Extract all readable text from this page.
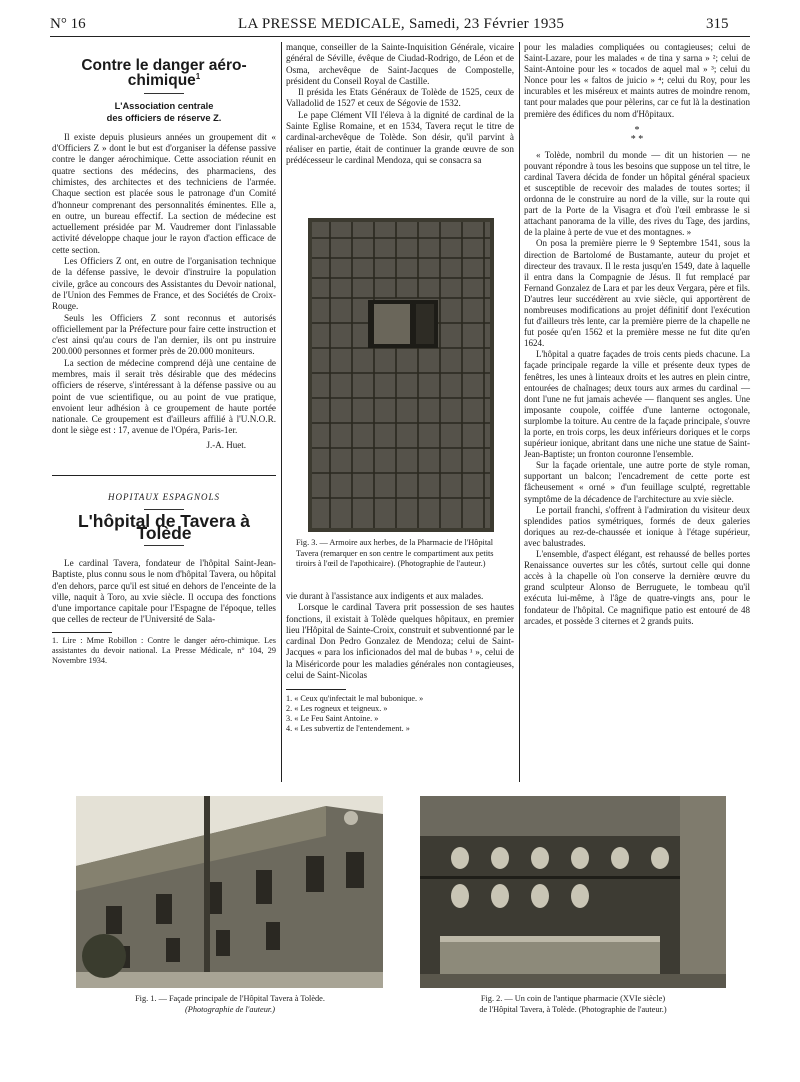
N° 16	LA PRESSE MEDICALE, Samedi, 23 Février 1935	315
Contre le danger aéro-chimique$^1$
L'Association centrale
des officiers de réserve Z.

Il existe depuis plusieurs années un groupement dit « d'Officiers Z » dont le but est d'organiser la défense passive contre le danger aérochimique. Cette association réunit en quatre sections des médecins, des pharmaciens, des chimistes, des architectes et des techniciens de l'armée. Chaque section est placée sous le patronage d'un Comité d'honneur comprenant des personnalités éminentes. Elle a, en outre, un bureau effectif. La section de médecine est actuellement présidée par M. Vaudremer dont l'inlassable activité développe chaque jour le rayon d'action efficace de cette section.

Les Officiers Z ont, en outre de l'organisation technique de la défense passive, le devoir d'instruire la population civile, grâce au concours des Assistantes du Devoir national, de l'Union des Femmes de France, et des Sociétés de Croix-Rouge.

Seuls les Officiers Z sont reconnus et autorisés officiellement par la Préfecture pour faire cette instruction et c'est ainsi qu'au cours de l'an dernier, ils ont pu instruire 200.000 personnes et former près de 20.000 moniteurs.

La section de médecine comprend déjà une centaine de membres, mais il serait très désirable que des médecins officiers de réserve, s'intéressant à la défense passive ou au point de vue scientifique, ou au point de vue pratique, envoient leur adhésion à ce groupement de haute portée nationale. Ce groupement est d'ailleurs affilié à l'U.N.O.R. dont le siège est : 17, avenue de l'Opéra, Paris-1er.

J.-A. Huet.
HOPITAUX ESPAGNOLS
L'hôpital de Tavera à Tolède

Le cardinal Tavera, fondateur de l'hôpital Saint-Jean-Baptiste, plus connu sous le nom d'hôpital Tavera, ou hôpital d'en dehors, parce qu'il est situé en dehors de l'enceinte de la ville, naquit à Toro, au xvie siècle. Il occupa des fonctions d'une importance capitale pour l'Espagne de l'époque, telles que celles de recteur de l'Université de Sala-

1. Lire : Mme Robillon : Contre le danger aéro-chimique. Les assistantes du devoir national. La Presse Médicale, n° 104, 29 Novembre 1934.

manque, conseiller de la Sainte-Inquisition Générale, vicaire général de Séville, évêque de Ciudad-Rodrigo, de Léon et de Osma, archevêque de Saint-Jacques de Compostelle, président du Conseil Royal de Castille.

Il présida les Etats Généraux de Tolède de 1525, ceux de Valladolid de 1527 et ceux de Ségovie de 1532.

Le pape Clément VII l'éleva à la dignité de cardinal de la Sainte Eglise Romaine, et en 1534, Tavera reçut le titre de cardinal-archevêque de Tolède. Son désir, qu'il parvint à réaliser en partie, était de continuer la grande œuvre de son prédécesseur le cardinal Mendoza, qui se consacra sa

Fig. 3. — Armoire aux herbes, de la Pharmacie de l'Hôpital Tavera (remarquer en son centre le compartiment aux petits tiroirs à l'œil de l'apothicaire). (Photographie de l'auteur.)

vie durant à l'assistance aux indigents et aux malades.

Lorsque le cardinal Tavera prit possession de ses hautes fonctions, il existait à Tolède quelques hôpitaux, en premier lieu l'Hôpital de Sainte-Croix, construit et subventionné par le cardinal Don Pedro Gonzalez de Mendoza; celui de Saint-Jacques « para los inficionados del mal de bubas ¹ », celui de la Miséricorde pour les maladies générales non contagieuses, celui de Saint-Nicolas

1. « Ceux qu'infectait le mal bubonique. »
2. « Les rogneux et teigneux. »
3. « Le Feu Saint Antoine. »
4. « Les subvertiz de l'entendement. »

pour les maladies compliquées ou contagieuses; celui de Saint-Lazare, pour les malades « de tina y sarna » ²; celui de Saint-Antoine pour les « tocados de aquel mal » ³; celui du Nonce pour les « faltos de juicio » ⁴; celui du Roy, pour les incurables et les miséreux et maints autres de moindre renom, tant pour malades que pour pèlerins, car ce fut là la destination première des édifices du nom d'Hôpitaux.

*
* *

« Tolède, nombril du monde — dit un historien — ne pouvant répondre à tous les besoins que suppose un tel titre, le cardinal Tavera décida de fonder un hôpital général spacieux et susceptible de recevoir des malades de toutes sortes; il ordonna de le construire au nord de la ville, sur la route qui part de la Porte de la Visagra et d'où l'œil embrasse le si attachant panorama de la ville, des rives du Tage, des jardins, de la plaine à perte de vue et des montagnes. »

On posa la première pierre le 9 Septembre 1541, sous la direction de Bartolomé de Bustamante, auteur du projet et directeur des travaux. Il le resta jusqu'en 1549, date à laquelle il entra dans la Compagnie de Jésus. Il fut remplacé par Fernand Gonzalez de Lara et par les deux Vergara, père et fils. D'autres leur succédèrent au xvie siècle, qui apportèrent de nombreuses modifications au projet définitif dont l'exécution fut d'ailleurs très lente, car la première pierre de la chapelle ne fut posée qu'en 1562 et la première messe ne fut dite qu'en 1624.

L'hôpital a quatre façades de trois cents pieds chacune. La façade principale regarde la ville et présente deux types de fenêtres, les unes à linteaux droits et les autres en plein cintre, entourées de chaînages; deux tours aux armes du cardinal — dont l'une ne fut jamais achevée — flanquent ses angles. Une imposante coupole, coiffée d'une lanterne octogonale, surplombe la toiture. Au centre de la façade principale, s'ouvre la porte, en trois corps, les deux inférieurs doriques et le corps supérieur ionique, abritant dans une niche une statue de Saint-Jean-Baptiste; un fronton couronne l'ensemble.

Sur la façade orientale, une autre porte de style roman, supportant un balcon; l'encadrement de cette porte est fâcheusement « orné » d'un feuillage sculpté, regrettable symptôme de la décadence de l'architecture au xvie siècle.

Le portail franchi, s'offrent à l'admiration du visiteur deux splendides patios symétriques, formés de deux galeries doriques au rez-de-chaussée et ionique à l'étage supérieur, avec balustrades.

L'ensemble, d'aspect élégant, est rehaussé de belles portes Renaissance ouvertes sur les côtés, surtout celle qui donne accès à la chapelle où l'on conserve la dernière œuvre du grand sculpteur Alonso de Berruguete, le tombeau qu'il exécuta lui-même, à l'âge de quatre-vingts ans, pour le fondateur de l'hôpital. Ce magnifique patio est entouré de 48 arcades, et possède 3 citernes et 2 grands puits.

Fig. 1. — Façade principale de l'Hôpital Tavera à Tolède.
(Photographie de l'auteur.)
Fig. 2. — Un coin de l'antique pharmacie (XVIe siècle)
de l'Hôpital Tavera, à Tolède. (Photographie de l'auteur.)
